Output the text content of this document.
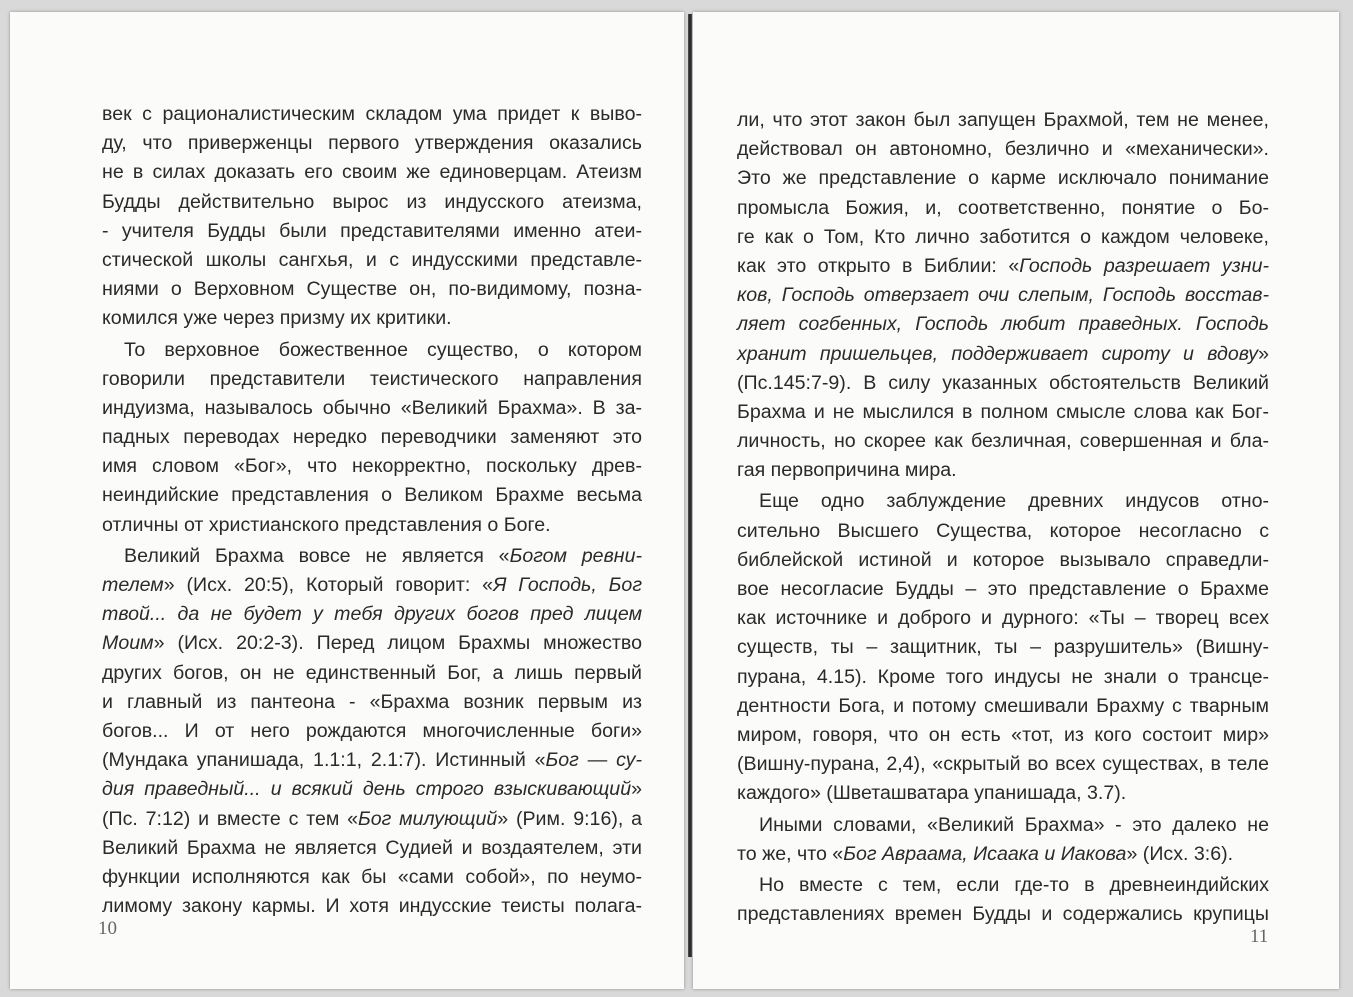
век с рационалистическим складом ума придет к выво-
ду, что приверженцы первого утверждения оказались
не в силах доказать его своим же единоверцам. Атеизм
Будды действительно вырос из индусского атеизма,
- учителя Будды были представителями именно атеи-
стической школы сангхья, и с индусскими представле-
ниями о Верховном Существе он, по-видимому, позна-
комился уже через призму их критики.
То верховное божественное существо, о котором
говорили представители теистического направления
индуизма, называлось обычно «Великий Брахма». В за-
падных переводах нередко переводчики заменяют это
имя словом «Бог», что некорректно, поскольку древ-
неиндийские представления о Великом Брахме весьма
отличны от христианского представления о Боге.
Великий Брахма вовсе не является «Богом ревни-
телем» (Исх. 20:5), Который говорит: «Я Господь, Бог
твой... да не будет у тебя других богов пред лицем
Моим» (Исх. 20:2-3). Перед лицом Брахмы множество
других богов, он не единственный Бог, а лишь первый
и главный из пантеона - «Брахма возник первым из
богов... И от него рождаются многочисленные боги»
(Мундака упанишада, 1.1:1, 2.1:7). Истинный «Бог — су-
дия праведный... и всякий день строго взыскивающий»
(Пс. 7:12) и вместе с тем «Бог милующий» (Рим. 9:16), а
Великий Брахма не является Судией и воздаятелем, эти
функции исполняются как бы «сами собой», по неумо-
лимому закону кармы. И хотя индусские теисты полага-
10
ли, что этот закон был запущен Брахмой, тем не менее,
действовал он автономно, безлично и «механически».
Это же представление о карме исключало понимание
промысла Божия, и, соответственно, понятие о Бо-
ге как о Том, Кто лично заботится о каждом человеке,
как это открыто в Библии: «Господь разрешает узни-
ков, Господь отверзает очи слепым, Господь восстав-
ляет согбенных, Господь любит праведных. Господь
хранит пришельцев, поддерживает сироту и вдову»
(Пс.145:7-9). В силу указанных обстоятельств Великий
Брахма и не мыслился в полном смысле слова как Бог-
личность, но скорее как безличная, совершенная и бла-
гая первопричина мира.
Еще одно заблуждение древних индусов отно-
сительно Высшего Существа, которое несогласно с
библейской истиной и которое вызывало справедли-
вое несогласие Будды – это представление о Брахме
как источнике и доброго и дурного: «Ты – творец всех
существ, ты – защитник, ты – разрушитель» (Вишну-
пурана, 4.15). Кроме того индусы не знали о трансце-
дентности Бога, и потому смешивали Брахму с тварным
миром, говоря, что он есть «тот, из кого состоит мир»
(Вишну-пурана, 2,4), «скрытый во всех существах, в теле
каждого» (Шветашватара упанишада, 3.7).
Иными словами, «Великий Брахма» - это далеко не
то же, что «Бог Авраама, Исаака и Иакова» (Исх. 3:6).
Но вместе с тем, если где-то в древнеиндийских
представлениях времен Будды и содержались крупицы
11
